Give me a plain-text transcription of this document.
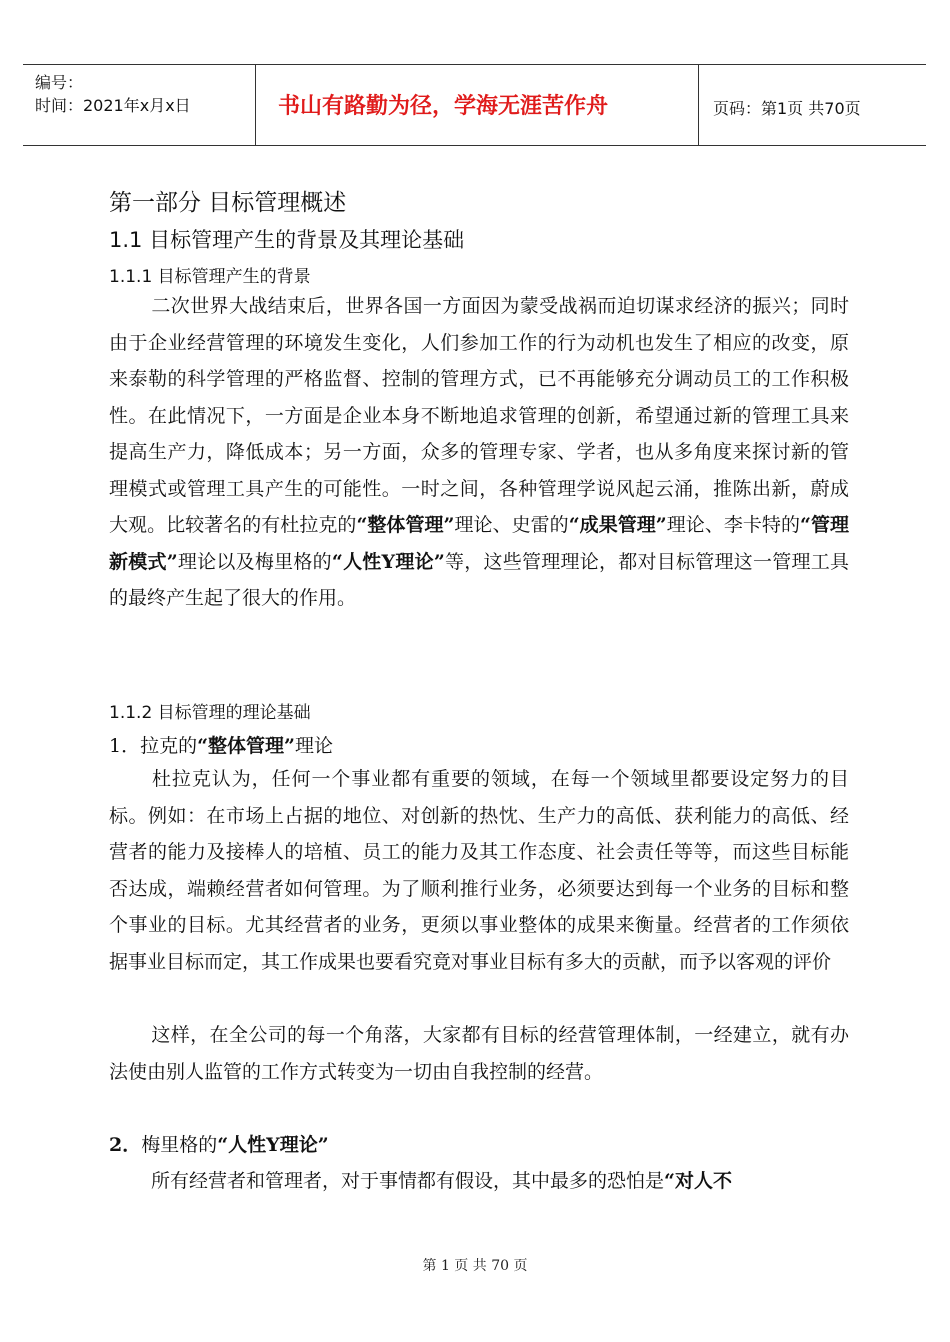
编号：
时间：2021年x月x日	书山有路勤为径，学海无涯苦作舟	页码：第1页 共70页
第一部分 目标管理概述
1.1 目标管理产生的背景及其理论基础
1.1.1 目标管理产生的背景
二次世界大战结束后，世界各国一方面因为蒙受战祸而迫切谋求经济的振兴；同时由于企业经营管理的环境发生变化，人们参加工作的行为动机也发生了相应的改变，原来泰勒的科学管理的严格监督、控制的管理方式，已不再能够充分调动员工的工作积极性。在此情况下，一方面是企业本身不断地追求管理的创新，希望通过新的管理工具来提高生产力，降低成本；另一方面，众多的管理专家、学者，也从多角度来探讨新的管理模式或管理工具产生的可能性。一时之间，各种管理学说风起云涌，推陈出新，蔚成大观。比较著名的有杜拉克的“整体管理”理论、史雷的“成果管理”理论、李卡特的“管理新模式”理论以及梅里格的“人性Y理论”等，这些管理理论，都对目标管理这一管理工具的最终产生起了很大的作用。
1.1.2 目标管理的理论基础
1．拉克的“整体管理”理论
杜拉克认为，任何一个事业都有重要的领域，在每一个领域里都要设定努力的目标。例如：在市场上占据的地位、对创新的热忱、生产力的高低、获利能力的高低、经营者的能力及接棒人的培植、员工的能力及其工作态度、社会责任等等，而这些目标能否达成，端赖经营者如何管理。为了顺利推行业务，必须要达到每一个业务的目标和整个事业的目标。尤其经营者的业务，更须以事业整体的成果来衡量。经营者的工作须依据事业目标而定，其工作成果也要看究竟对事业目标有多大的贡献，而予以客观的评价
这样，在全公司的每一个角落，大家都有目标的经营管理体制，一经建立，就有办法使由别人监管的工作方式转变为一切由自我控制的经营。
2．梅里格的“人性Y理论”
所有经营者和管理者，对于事情都有假设，其中最多的恐怕是“对人不
第 1 页 共 70 页
